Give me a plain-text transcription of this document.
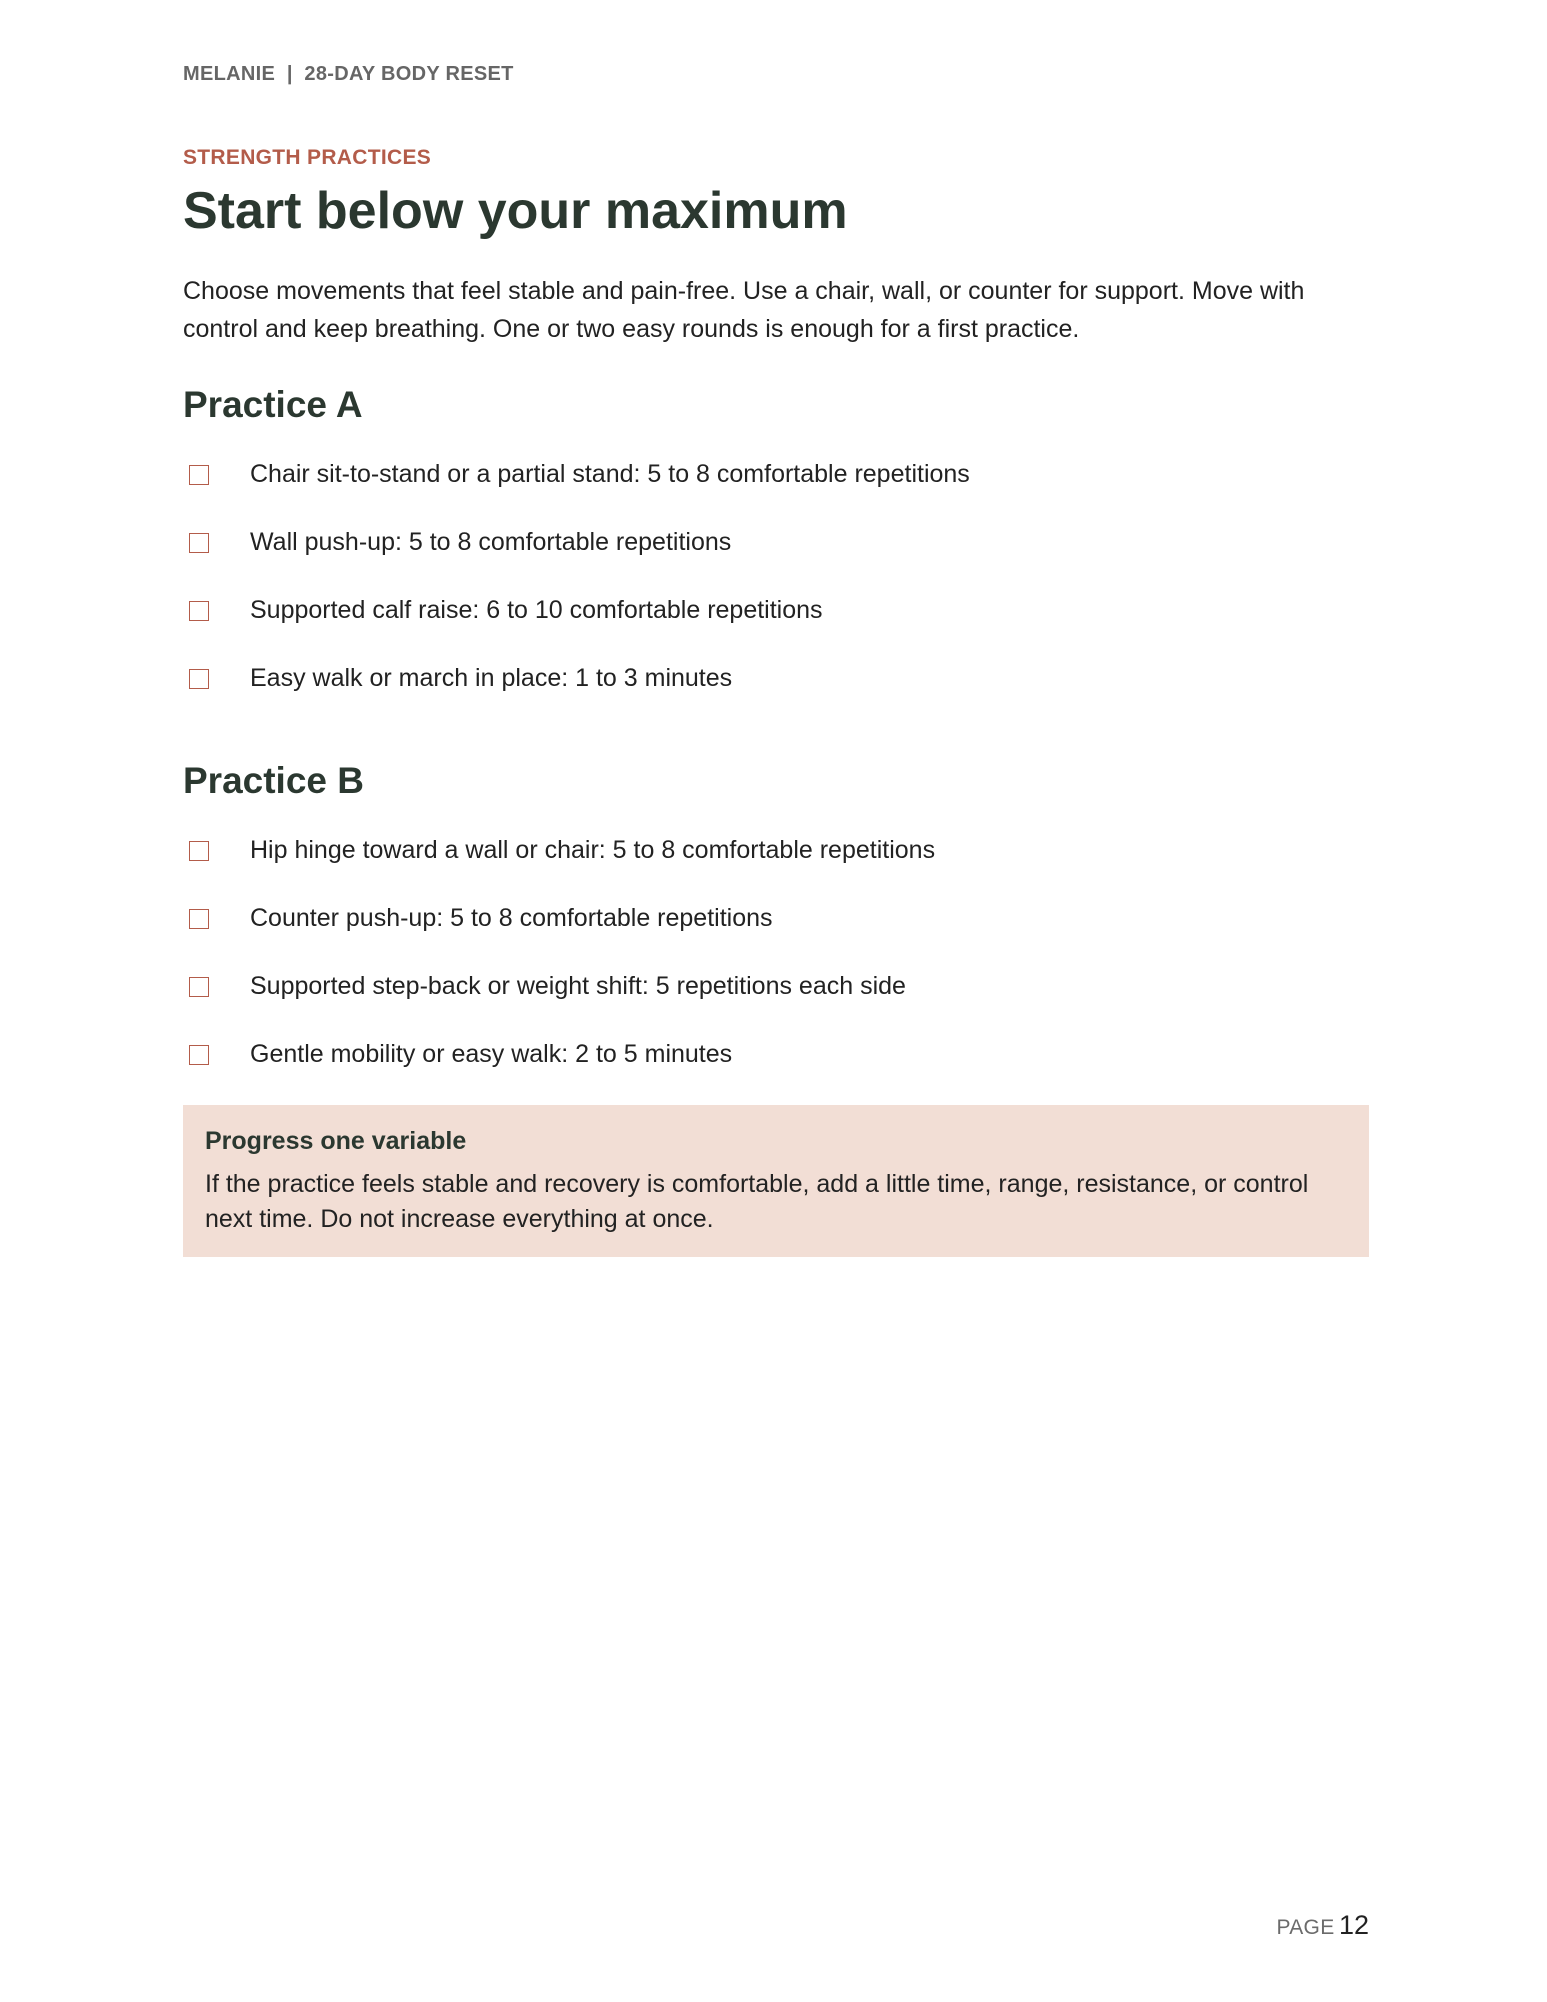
MELANIE  |  28-DAY BODY RESET
STRENGTH PRACTICES
Start below your maximum

Choose movements that feel stable and pain-free. Use a chair, wall, or counter for support. Move with control and keep breathing. One or two easy rounds is enough for a first practice.

Practice A
Chair sit-to-stand or a partial stand: 5 to 8 comfortable repetitions
Wall push-up: 5 to 8 comfortable repetitions
Supported calf raise: 6 to 10 comfortable repetitions
Easy walk or march in place: 1 to 3 minutes
Practice B
Hip hinge toward a wall or chair: 5 to 8 comfortable repetitions
Counter push-up: 5 to 8 comfortable repetitions
Supported step-back or weight shift: 5 repetitions each side
Gentle mobility or easy walk: 2 to 5 minutes

Progress one variable

If the practice feels stable and recovery is comfortable, add a little time, range, resistance, or control next time. Do not increase everything at once.

PAGE 12
